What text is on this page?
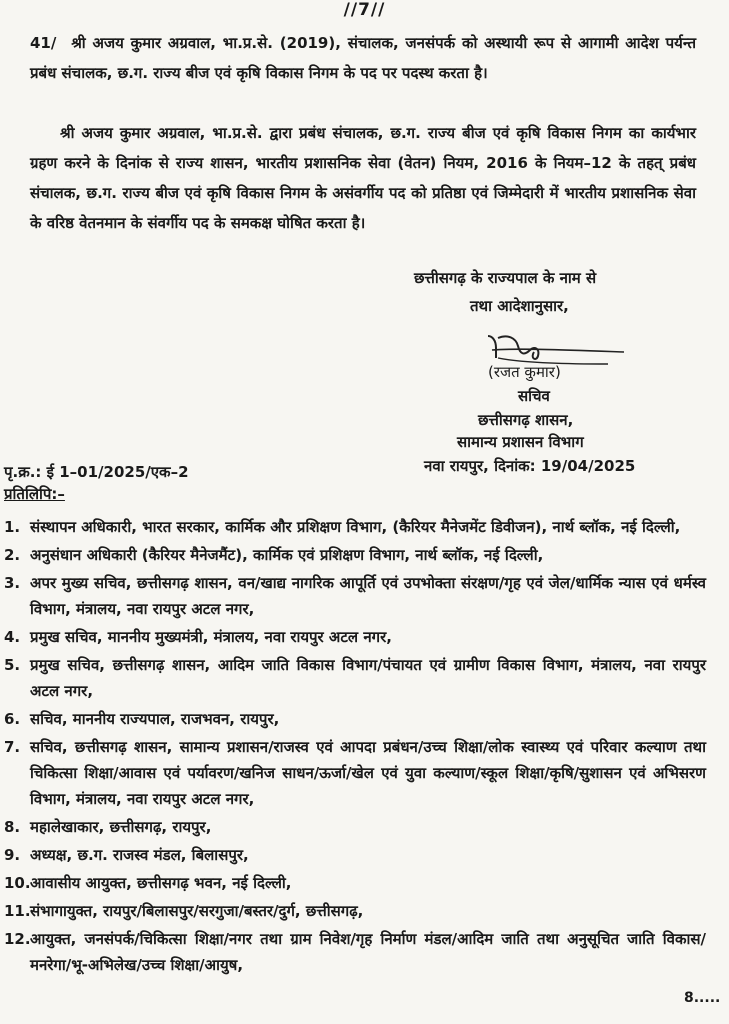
//7//
41/ श्री अजय कुमार अग्रवाल, भा.प्र.से. (2019), संचालक, जनसंपर्क को अस्थायी रूप से आगामी आदेश पर्यन्त प्रबंध संचालक, छ.ग. राज्य बीज एवं कृषि विकास निगम के पद पर पदस्थ करता है।
श्री अजय कुमार अग्रवाल, भा.प्र.से. द्वारा प्रबंध संचालक, छ.ग. राज्य बीज एवं कृषि विकास निगम का कार्यभार ग्रहण करने के दिनांक से राज्य शासन, भारतीय प्रशासनिक सेवा (वेतन) नियम, 2016 के नियम–12 के तहत् प्रबंध संचालक, छ.ग. राज्य बीज एवं कृषि विकास निगम के असंवर्गीय पद को प्रतिष्ठा एवं जिम्मेदारी में भारतीय प्रशासनिक सेवा के वरिष्ठ वेतनमान के संवर्गीय पद के समकक्ष घोषित करता है।
छत्तीसगढ़ के राज्यपाल के नाम से
तथा आदेशानुसार,
(रजत कुमार)
सचिव
छत्तीसगढ़ शासन,
सामान्य प्रशासन विभाग
पृ.क्र.: ई 1–01/2025/एक–2	नवा रायपुर, दिनांक: 19/04/2025
प्रतिलिपि:–
1. संस्थापन अधिकारी, भारत सरकार, कार्मिक और प्रशिक्षण विभाग, (कैरियर मैनेजमेंट डिवीजन), नार्थ ब्लॉक, नई दिल्ली,
2. अनुसंधान अधिकारी (कैरियर मैनेजमैंट), कार्मिक एवं प्रशिक्षण विभाग, नार्थ ब्लॉक, नई दिल्ली,
3. अपर मुख्य सचिव, छत्तीसगढ़ शासन, वन/खाद्य नागरिक आपूर्ति एवं उपभोक्ता संरक्षण/गृह एवं जेल/धार्मिक न्यास एवं धर्मस्व विभाग, मंत्रालय, नवा रायपुर अटल नगर,
4. प्रमुख सचिव, माननीय मुख्यमंत्री, मंत्रालय, नवा रायपुर अटल नगर,
5. प्रमुख सचिव, छत्तीसगढ़ शासन, आदिम जाति विकास विभाग/पंचायत एवं ग्रामीण विकास विभाग, मंत्रालय, नवा रायपुर अटल नगर,
6. सचिव, माननीय राज्यपाल, राजभवन, रायपुर,
7. सचिव, छत्तीसगढ़ शासन, सामान्य प्रशासन/राजस्व एवं आपदा प्रबंधन/उच्च शिक्षा/लोक स्वास्थ्य एवं परिवार कल्याण तथा चिकित्सा शिक्षा/आवास एवं पर्यावरण/खनिज साधन/ऊर्जा/खेल एवं युवा कल्याण/स्कूल शिक्षा/कृषि/सुशासन एवं अभिसरण विभाग, मंत्रालय, नवा रायपुर अटल नगर,
8. महालेखाकार, छत्तीसगढ़, रायपुर,
9. अध्यक्ष, छ.ग. राजस्व मंडल, बिलासपुर,
10. आवासीय आयुक्त, छत्तीसगढ़ भवन, नई दिल्ली,
11. संभागायुक्त, रायपुर/बिलासपुर/सरगुजा/बस्तर/दुर्ग, छत्तीसगढ़,
12. आयुक्त, जनसंपर्क/चिकित्सा शिक्षा/नगर तथा ग्राम निवेश/गृह निर्माण मंडल/आदिम जाति तथा अनुसूचित जाति विकास/मनरेगा/भू-अभिलेख/उच्च शिक्षा/आयुष,
8.....
